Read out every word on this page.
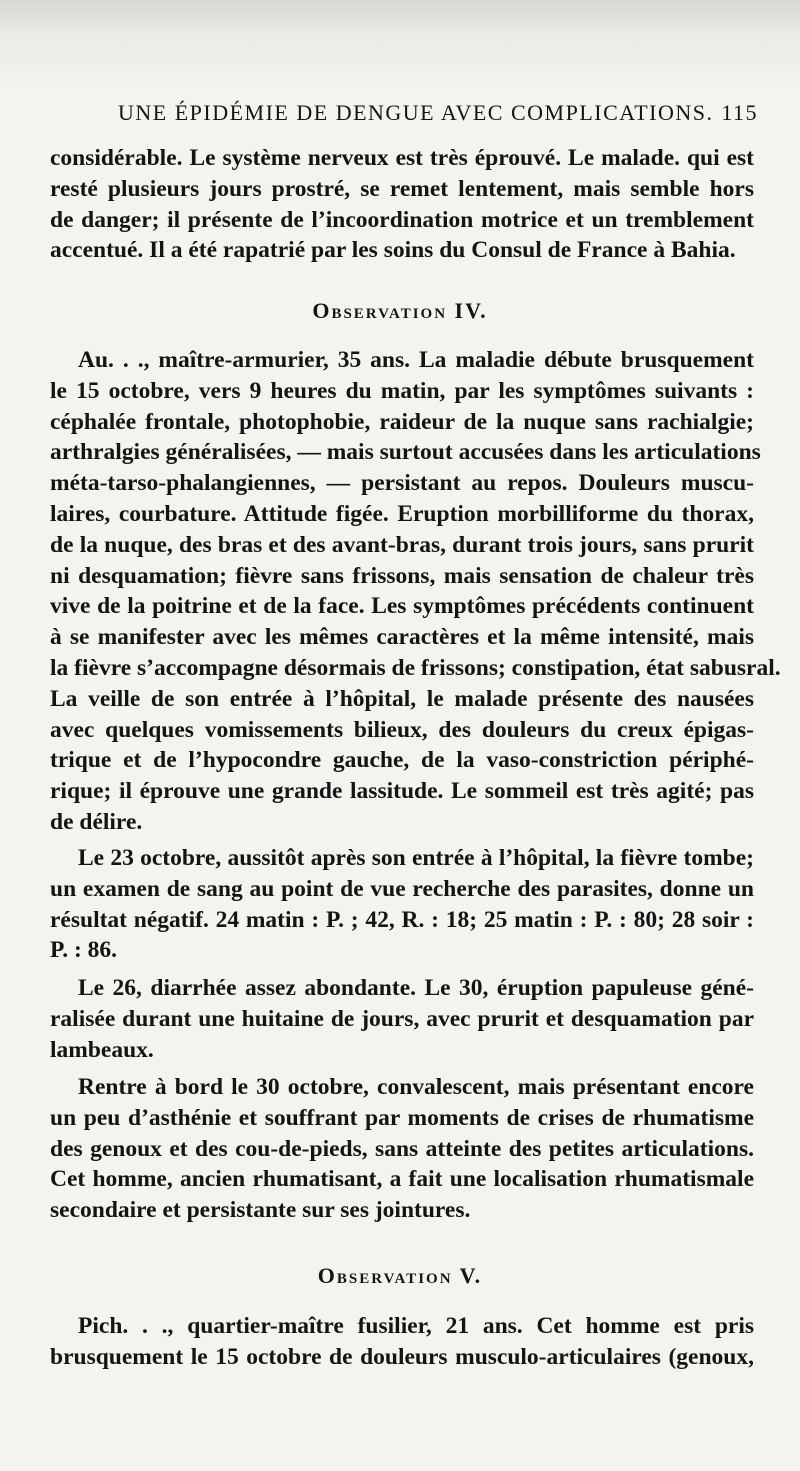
UNE ÉPIDÉMIE DE DENGUE AVEC COMPLICATIONS. 115
considérable. Le système nerveux est très éprouvé. Le malade. qui est
resté plusieurs jours prostré, se remet lentement, mais semble hors
de danger; il présente de l’incoordination motrice et un tremblement
accentué. Il a été rapatrié par les soins du Consul de France à Bahia.
Observation IV.
Au. . ., maître-armurier, 35 ans. La maladie débute brusquement
le 15 octobre, vers 9 heures du matin, par les symptômes suivants :
céphalée frontale, photophobie, raideur de la nuque sans rachialgie;
arthralgies généralisées, — mais surtout accusées dans les articulations
méta-tarso-phalangiennes, — persistant au repos. Douleurs muscu-
laires, courbature. Attitude figée. Eruption morbilliforme du thorax,
de la nuque, des bras et des avant-bras, durant trois jours, sans prurit
ni desquamation; fièvre sans frissons, mais sensation de chaleur très
vive de la poitrine et de la face. Les symptômes précédents continuent
à se manifester avec les mêmes caractères et la même intensité, mais
la fièvre s’accompagne désormais de frissons; constipation, état sabusral.
La veille de son entrée à l’hôpital, le malade présente des nausées
avec quelques vomissements bilieux, des douleurs du creux épigas-
trique et de l’hypocondre gauche, de la vaso-constriction périphé-
rique; il éprouve une grande lassitude. Le sommeil est très agité; pas
de délire.
Le 23 octobre, aussitôt après son entrée à l’hôpital, la fièvre tombe;
un examen de sang au point de vue recherche des parasites, donne un
résultat négatif. 24 matin : P. ; 42, R. : 18; 25 matin : P. : 80; 28 soir :
P. : 86.
Le 26, diarrhée assez abondante. Le 30, éruption papuleuse géné-
ralisée durant une huitaine de jours, avec prurit et desquamation par
lambeaux.
Rentre à bord le 30 octobre, convalescent, mais présentant encore
un peu d’asthénie et souffrant par moments de crises de rhumatisme
des genoux et des cou-de-pieds, sans atteinte des petites articulations.
Cet homme, ancien rhumatisant, a fait une localisation rhumatismale
secondaire et persistante sur ses jointures.
Observation V.
Pich. . ., quartier-maître fusilier, 21 ans. Cet homme est pris
brusquement le 15 octobre de douleurs musculo-articulaires (genoux,
